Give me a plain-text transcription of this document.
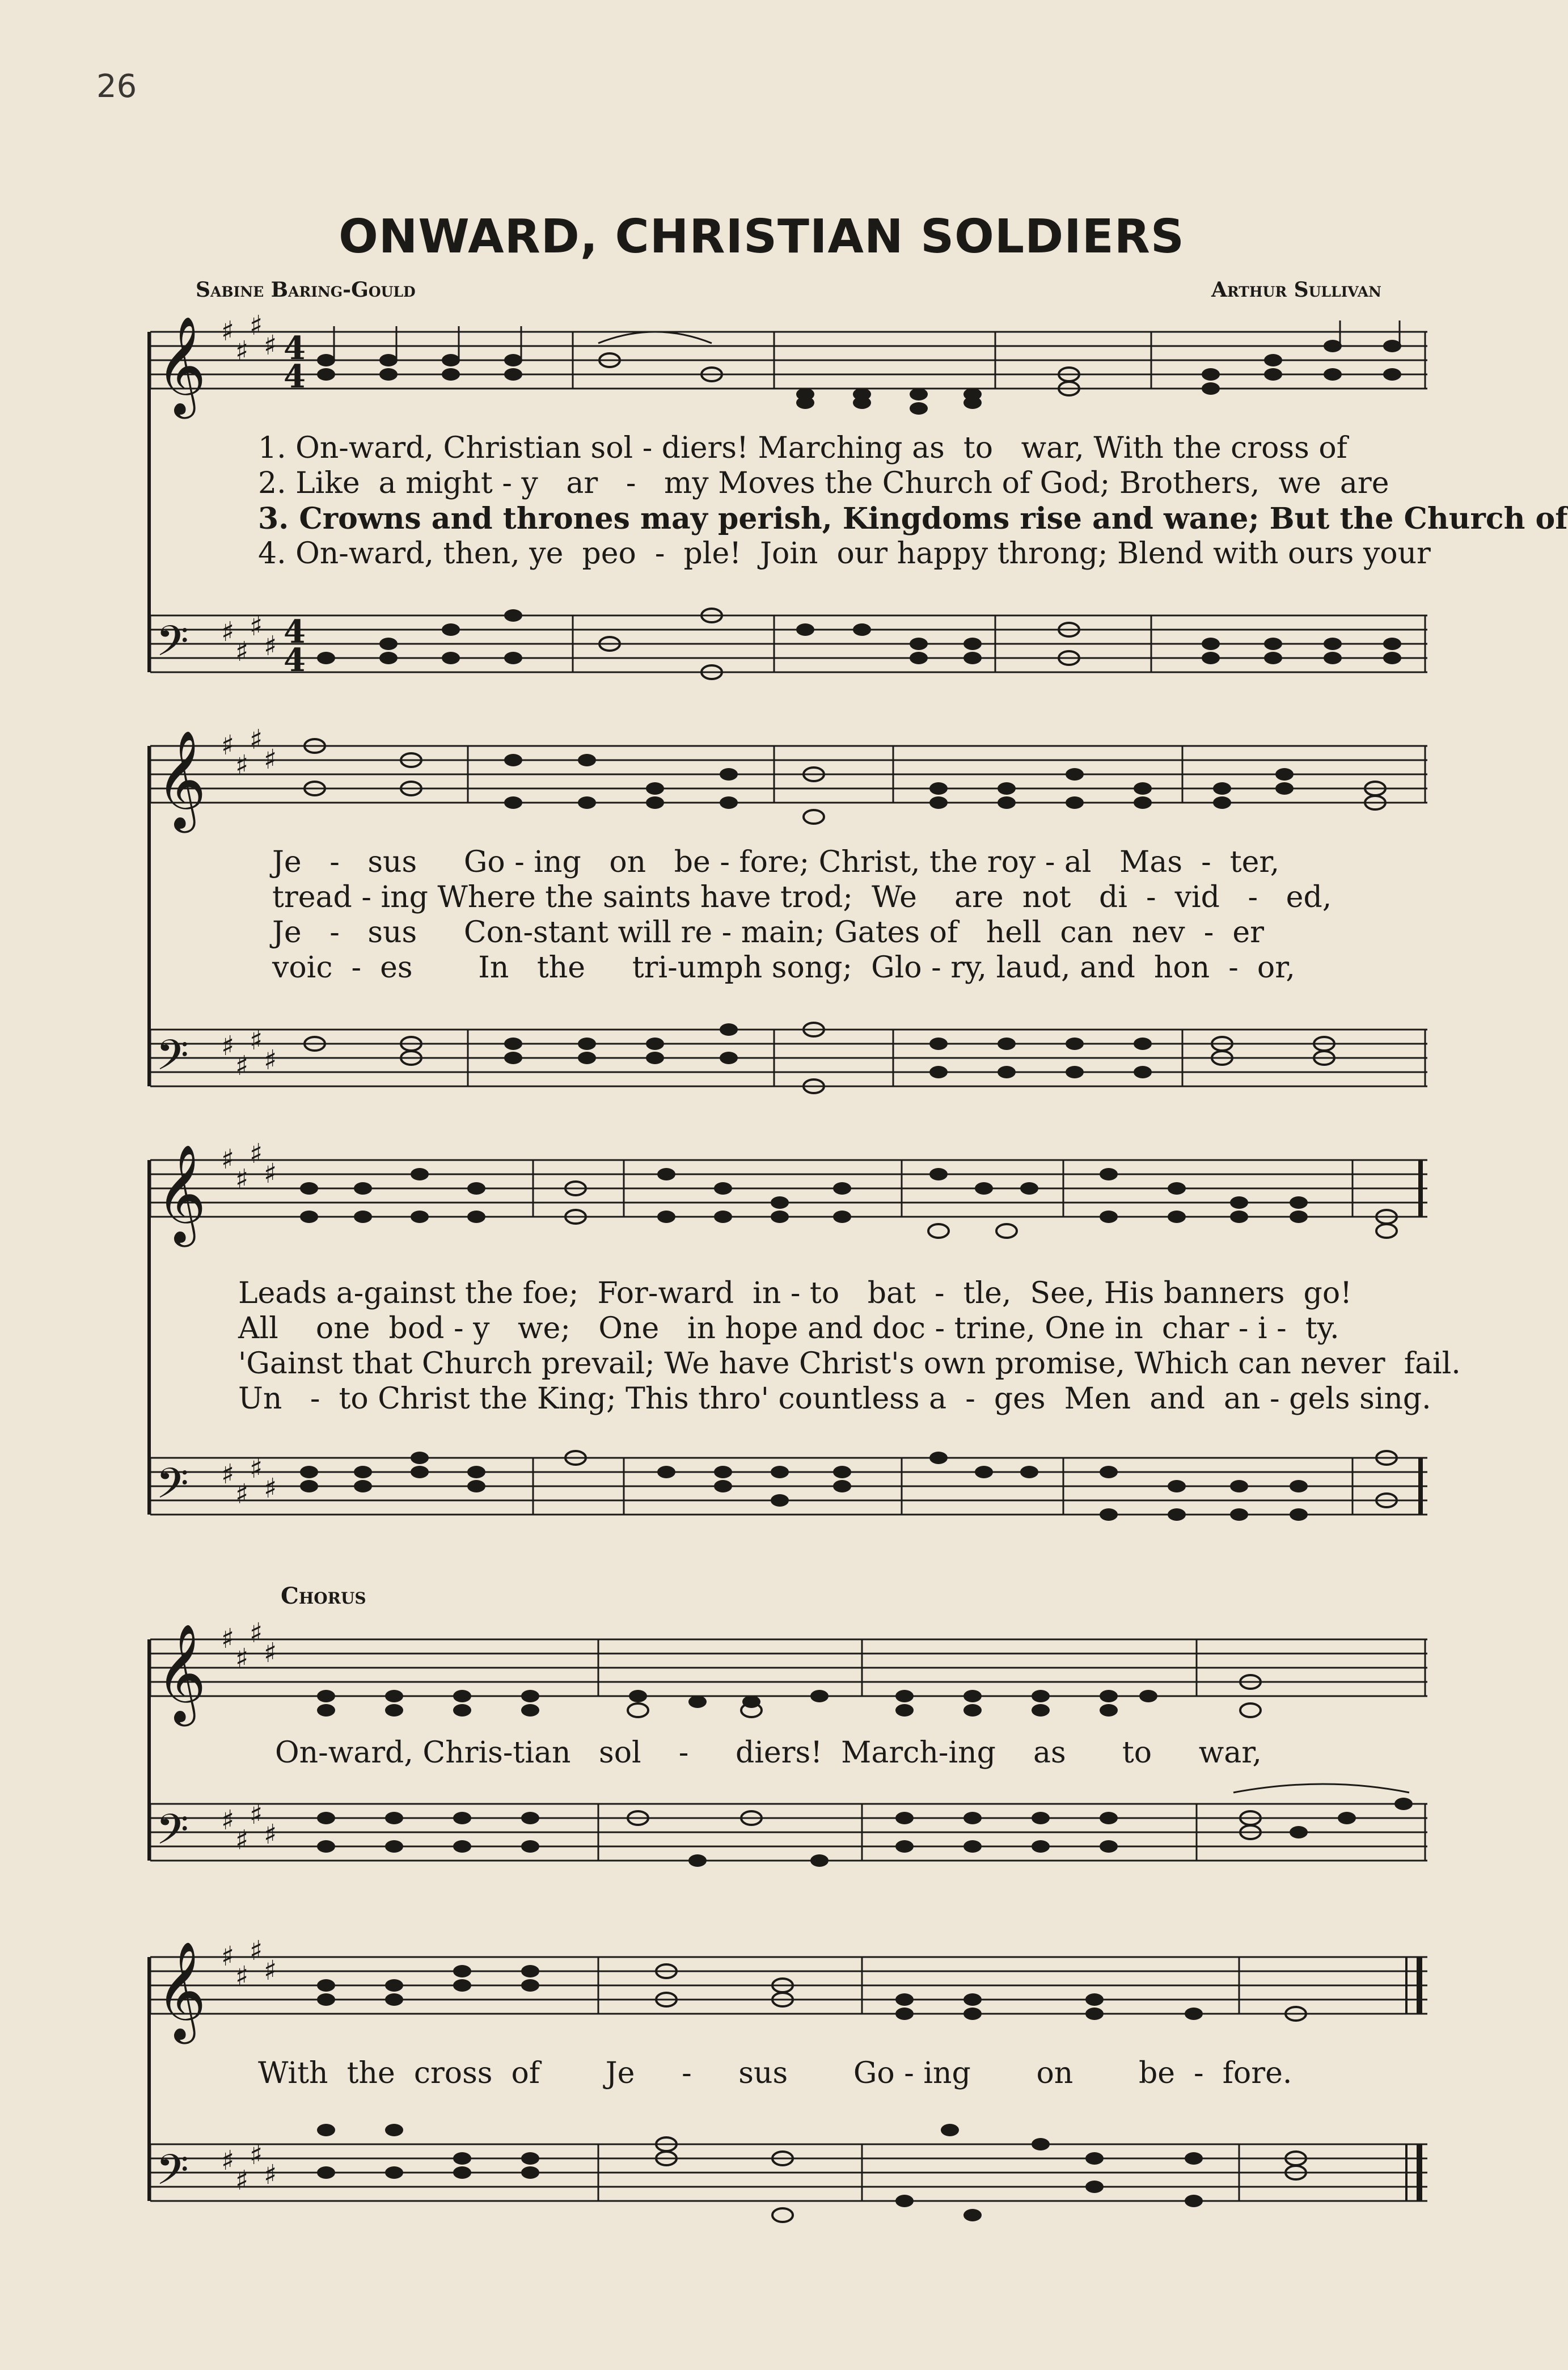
26
ONWARD, CHRISTIAN SOLDIERS
Sabine Baring-Gould	Arthur Sullivan
𝄞 ♯
♯
♯
♯ 4
4
1. On-ward, Christian sol - diers! Marching as  to   war, With the cross of
2. Like  a might - y   ar   -   my Moves the Church of God; Brothers,  we  are
3. Crowns and thrones may perish, Kingdoms rise and wane; But the Church of
4. On-ward, then, ye  peo  -  ple!  Join  our happy throng; Blend with ours your
𝄢 ♯
♯
♯
♯ 4
4
𝄞 ♯
♯
♯
♯
Je   -   sus     Go - ing   on   be - fore; Christ, the roy - al   Mas  -  ter,
tread - ing Where the saints have trod;  We    are  not   di  -  vid   -   ed,
Je   -   sus     Con-stant will re - main; Gates of   hell  can  nev  -  er
voic  -  es       In   the     tri-umph song;  Glo - ry, laud, and  hon  -  or,
𝄢 ♯
♯
♯
♯
𝄞 ♯
♯
♯
♯
Leads a-gainst the foe;  For-ward  in - to   bat  -  tle,  See, His banners  go!
All    one  bod - y   we;   One   in hope and doc - trine, One in  char - i -  ty.
'Gainst that Church prevail; We have Christ's own promise, Which can never  fail.
Un   -  to Christ the King; This thro' countless a  -  ges  Men  and  an - gels sing.
𝄢 ♯
♯
♯
♯
Chorus
𝄞 ♯
♯
♯
♯
On-ward, Chris-tian   sol    -     diers!  March-ing    as      to     war,
𝄢 ♯
♯
♯
♯
𝄞 ♯
♯
♯
♯
With  the  cross  of       Je     -     sus       Go - ing       on       be  -  fore.
𝄢 ♯
♯
♯
♯
